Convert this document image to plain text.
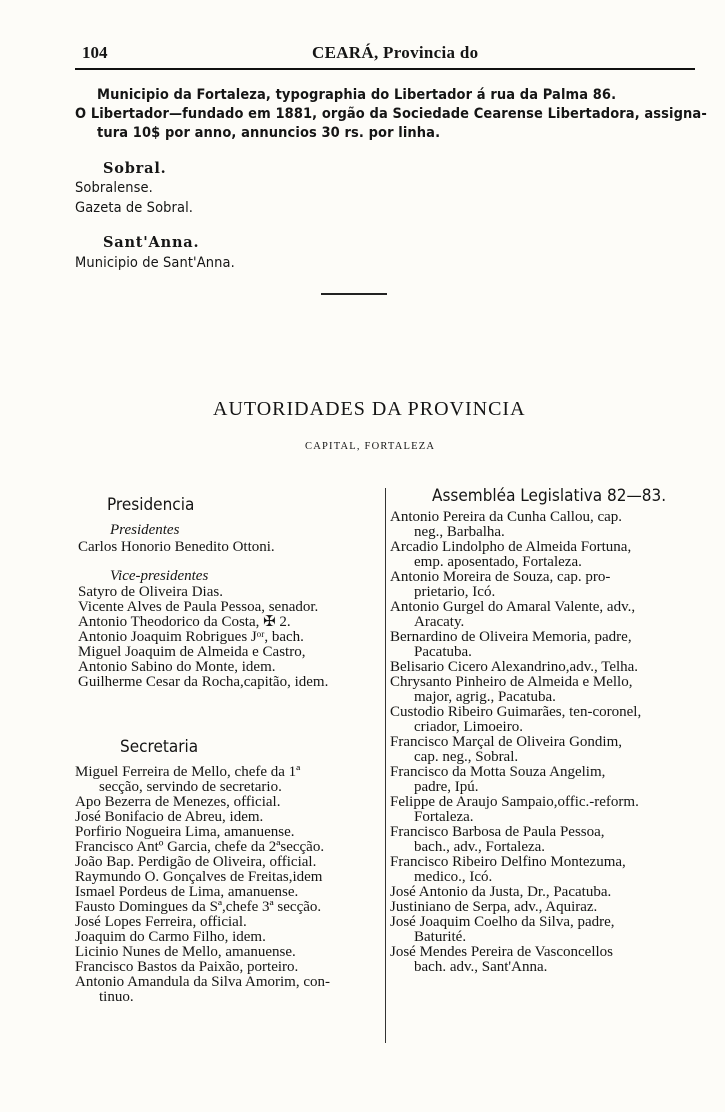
104	CEARÁ, Provincia do
Municipio da Fortaleza, typographia do Libertador á rua da Palma 86.
O Libertador—fundado em 1881, orgão da Sociedade Cearense Libertadora, assigna-
tura 10$ por anno, annuncios 30 rs. por linha.
Sobral.
Sobralense.
Gazeta de Sobral.
Sant'Anna.
Municipio de Sant'Anna.
AUTORIDADES DA PROVINCIA
CAPITAL, FORTALEZA
Presidencia
Presidentes
Carlos Honorio Benedito Ottoni.
Vice-presidentes
Satyro de Oliveira Dias.
Vicente Alves de Paula Pessoa, senador.
Antonio Theodorico da Costa, ✠ 2.
Antonio Joaquim Robrigues Jᵒʳ, bach.
Miguel Joaquim de Almeida e Castro,
Antonio Sabino do Monte, idem.
Guilherme Cesar da Rocha,capitão, idem.
Secretaria
Miguel Ferreira de Mello, chefe da 1ª
secção, servindo de secretario.
Apo Bezerra de Menezes, official.
José Bonifacio de Abreu, idem.
Porfirio Nogueira Lima, amanuense.
Francisco Antº Garcia, chefe da 2ªsecção.
João Bap. Perdigão de Oliveira, official.
Raymundo O. Gonçalves de Freitas,idem
Ismael Pordeus de Lima, amanuense.
Fausto Domingues da Sª,chefe 3ª secção.
José Lopes Ferreira, official.
Joaquim do Carmo Filho, idem.
Licinio Nunes de Mello, amanuense.
Francisco Bastos da Paixão, porteiro.
Antonio Amandula da Silva Amorim, con-
tinuo.
Assembléa Legislativa 82—83.
Antonio Pereira da Cunha Callou, cap.
neg., Barbalha.
Arcadio Lindolpho de Almeida Fortuna,
emp. aposentado, Fortaleza.
Antonio Moreira de Souza, cap. pro-
prietario, Icó.
Antonio Gurgel do Amaral Valente, adv.,
Aracaty.
Bernardino de Oliveira Memoria, padre,
Pacatuba.
Belisario Cicero Alexandrino,adv., Telha.
Chrysanto Pinheiro de Almeida e Mello,
major, agrig., Pacatuba.
Custodio Ribeiro Guimarães, ten-coronel,
criador, Limoeiro.
Francisco Marçal de Oliveira Gondim,
cap. neg., Sobral.
Francisco da Motta Souza Angelim,
padre, Ipú.
Felippe de Araujo Sampaio,offic.-reform.
Fortaleza.
Francisco Barbosa de Paula Pessoa,
bach., adv., Fortaleza.
Francisco Ribeiro Delfino Montezuma,
medico., Icó.
José Antonio da Justa, Dr., Pacatuba.
Justiniano de Serpa, adv., Aquiraz.
José Joaquim Coelho da Silva, padre,
Baturité.
José Mendes Pereira de Vasconcellos
bach. adv., Sant'Anna.
